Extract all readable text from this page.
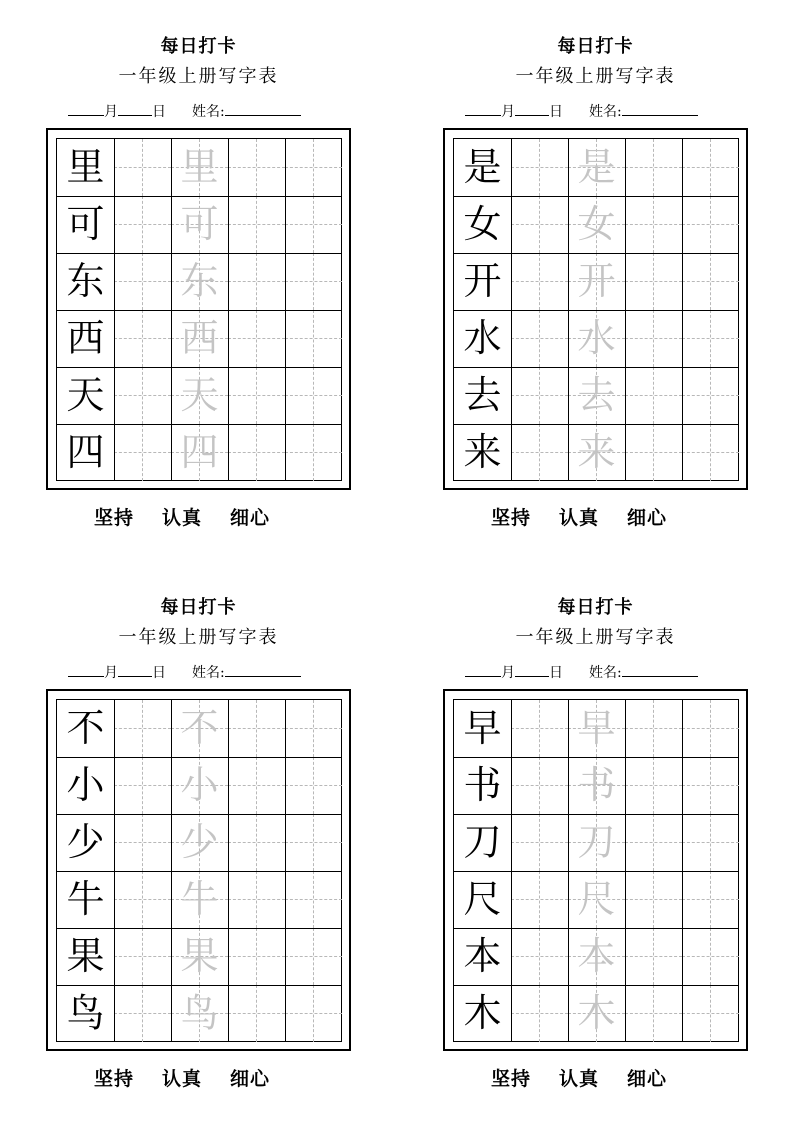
每日打卡
一年级上册写字表
月 日 姓名:
里 里
可 可
东 东
西 西
天 天
四 四
坚持 认真 细心
每日打卡
一年级上册写字表
月 日 姓名:
是 是
女 女
开 开
水 水
去 去
来 来
坚持 认真 细心
每日打卡
一年级上册写字表
月 日 姓名:
不 不
小 小
少 少
牛 牛
果 果
鸟 鸟
坚持 认真 细心
每日打卡
一年级上册写字表
月 日 姓名:
早 早
书 书
刀 刀
尺 尺
本 本
木 木
坚持 认真 细心
